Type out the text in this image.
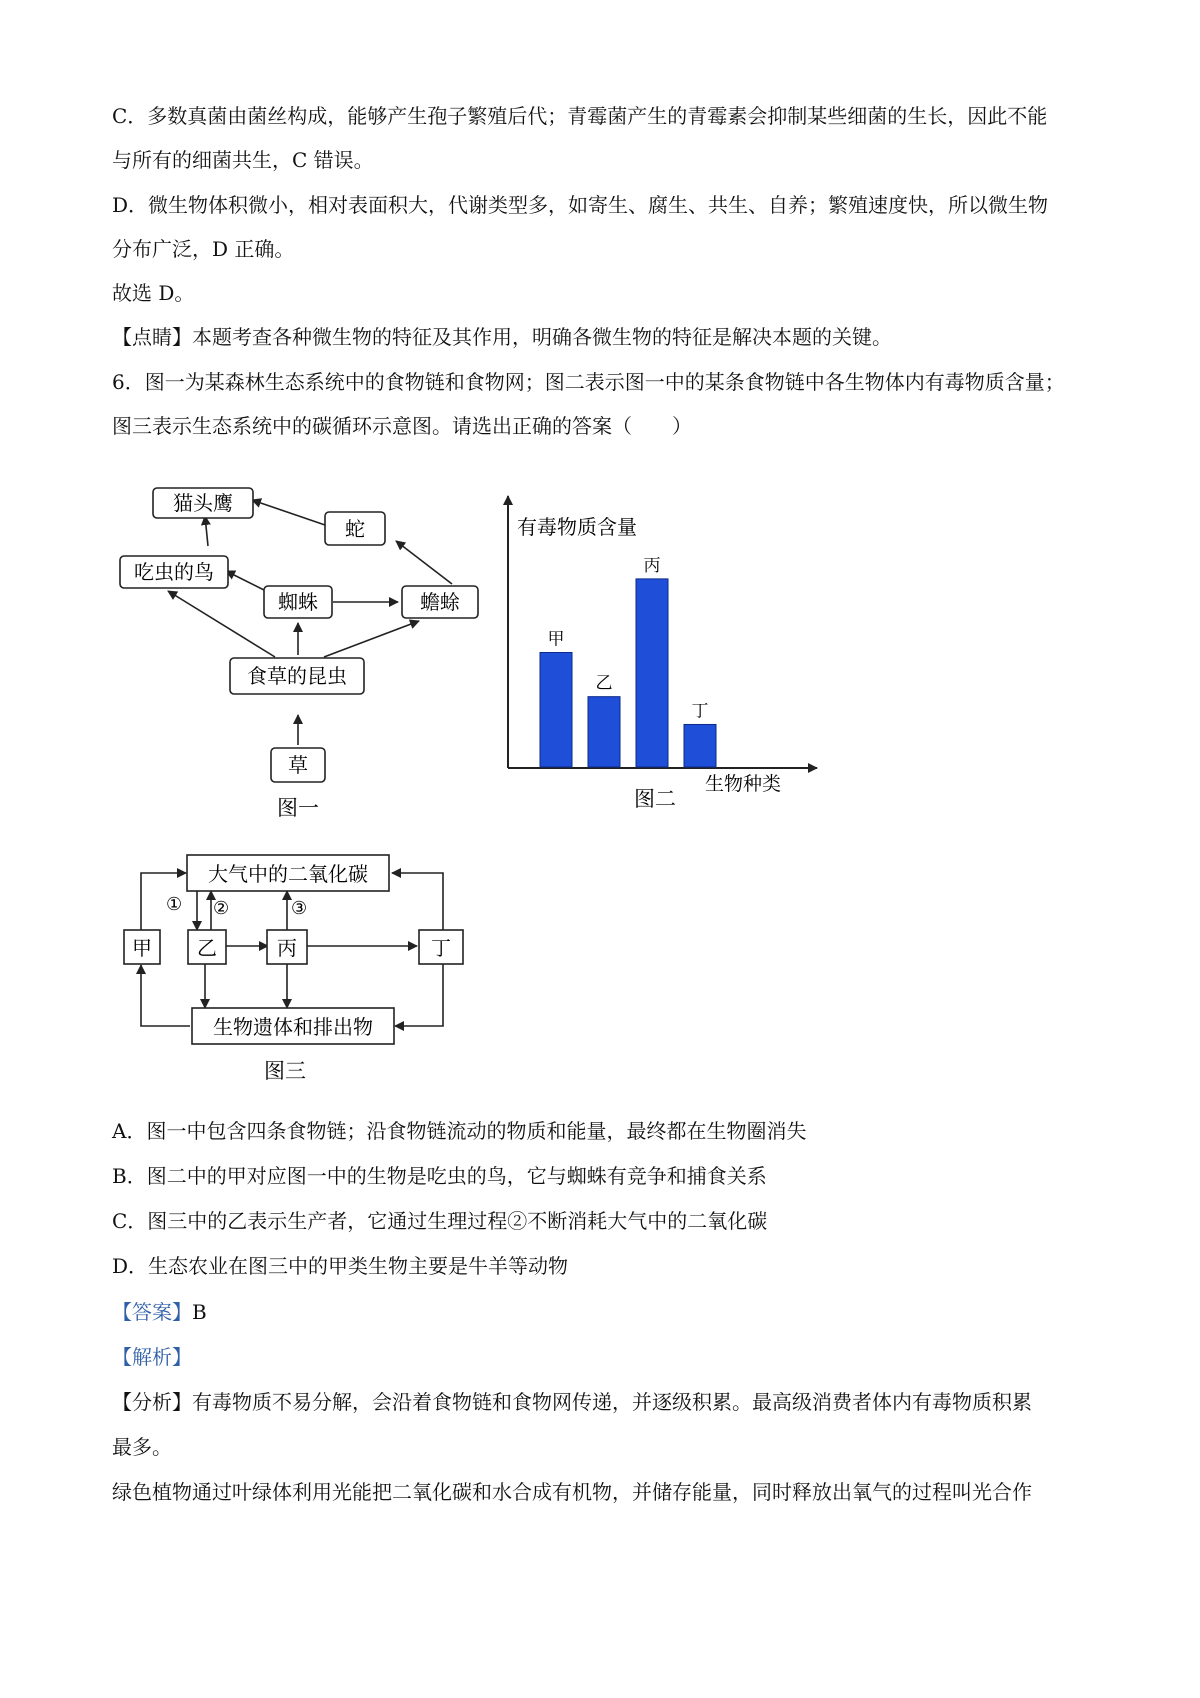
C．多数真菌由菌丝构成，能够产生孢子繁殖后代；青霉菌产生的青霉素会抑制某些细菌的生长，因此不能
与所有的细菌共生，C 错误。
D．微生物体积微小，相对表面积大，代谢类型多，如寄生、腐生、共生、自养；繁殖速度快，所以微生物
分布广泛，D 正确。
故选 D。
【点睛】本题考查各种微生物的特征及其作用，明确各微生物的特征是解决本题的关键。
6．图一为某森林生态系统中的食物链和食物网；图二表示图一中的某条食物链中各生物体内有毒物质含量；
图三表示生态系统中的碳循环示意图。请选出正确的答案（　　）
猫头鹰
蛇
吃虫的鸟
蜘蛛	蟾蜍
食草的昆虫
草
图一
有毒物质含量
生物种类
图二
甲
乙
丙
丁
大气中的二氧化碳
甲 乙	丙	丁
生物遗体和排出物
① ②	③
图三
A．图一中包含四条食物链；沿食物链流动的物质和能量，最终都在生物圈消失
B．图二中的甲对应图一中的生物是吃虫的鸟，它与蜘蛛有竞争和捕食关系
C．图三中的乙表示生产者，它通过生理过程②不断消耗大气中的二氧化碳
D．生态农业在图三中的甲类生物主要是牛羊等动物
【答案】B
【解析】
【分析】有毒物质不易分解，会沿着食物链和食物网传递，并逐级积累。最高级消费者体内有毒物质积累
最多。
绿色植物通过叶绿体利用光能把二氧化碳和水合成有机物，并储存能量，同时释放出氧气的过程叫光合作
